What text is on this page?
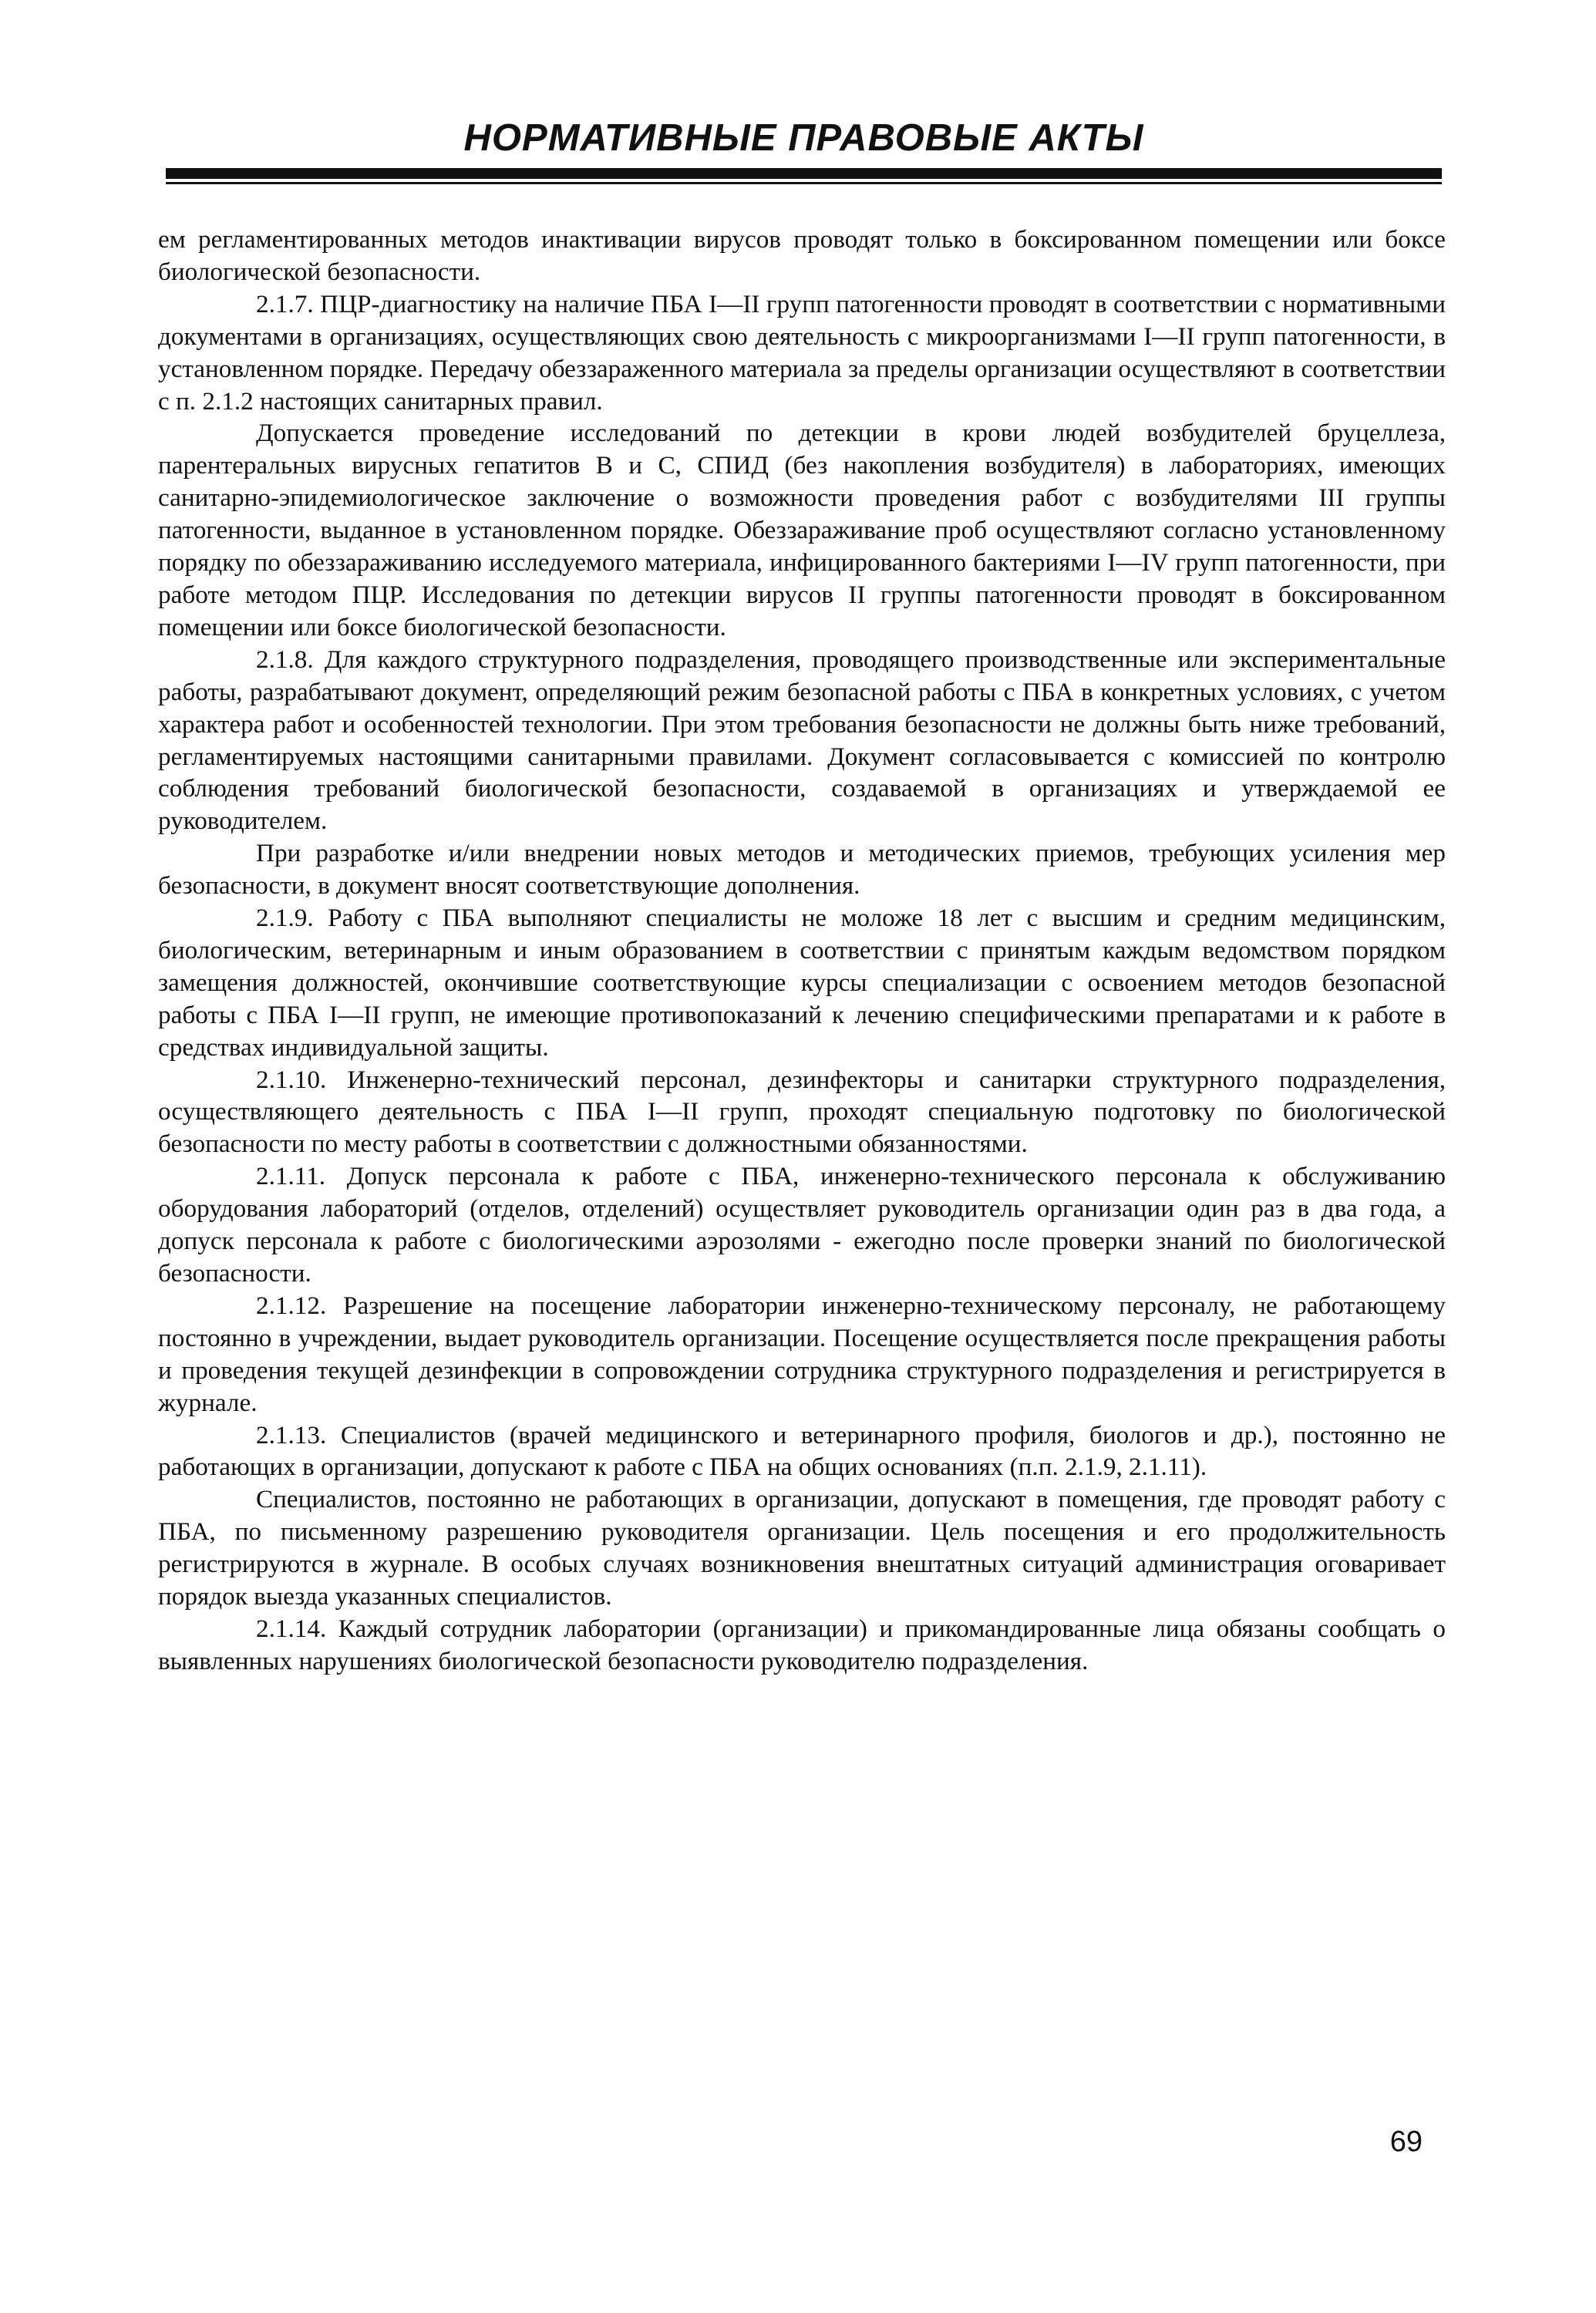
НОРМАТИВНЫЕ ПРАВОВЫЕ АКТЫ

ем регламентированных методов инактивации вирусов проводят только в боксированном помещении или боксе биологической безопасности.

2.1.7. ПЦР-диагностику на наличие ПБА I—II групп патогенности проводят в соответствии с нормативными документами в организациях, осуществляющих свою деятельность с микроорганизмами I—II групп патогенности, в установленном порядке. Передачу обеззараженного материала за пределы организации осуществляют в соответствии с п. 2.1.2 настоящих санитарных правил.

Допускается проведение исследований по детекции в крови людей возбудителей бруцеллеза, парентеральных вирусных гепатитов В и С, СПИД (без накопления возбудителя) в лабораториях, имеющих санитарно-эпидемиологическое заключение о возможности проведения работ с возбудителями III группы патогенности, выданное в установленном порядке. Обеззараживание проб осуществляют согласно установленному порядку по обеззараживанию исследуемого материала, инфицированного бактериями I—IV групп патогенности, при работе методом ПЦР. Исследования по детекции вирусов II группы патогенности проводят в боксированном помещении или боксе биологической безопасности.

2.1.8. Для каждого структурного подразделения, проводящего производственные или экспериментальные работы, разрабатывают документ, определяющий режим безопасной работы с ПБА в конкретных условиях, с учетом характера работ и особенностей технологии. При этом требования безопасности не должны быть ниже требований, регламентируемых настоящими санитарными правилами. Документ согласовывается с комиссией по контролю соблюдения требований биологической безопасности, создаваемой в организациях и утверждаемой ее руководителем.

При разработке и/или внедрении новых методов и методических приемов, требующих усиления мер безопасности, в документ вносят соответствующие дополнения.

2.1.9. Работу с ПБА выполняют специалисты не моложе 18 лет с высшим и средним медицинским, биологическим, ветеринарным и иным образованием в соответствии с принятым каждым ведомством порядком замещения должностей, окончившие соответствующие курсы специализации с освоением методов безопасной работы с ПБА I—II групп, не имеющие противопоказаний к лечению специфическими препаратами и к работе в средствах индивидуальной защиты.

2.1.10. Инженерно-технический персонал, дезинфекторы и санитарки структурного подразделения, осуществляющего деятельность с ПБА I—II групп, проходят специальную подготовку по биологической безопасности по месту работы в соответствии с должностными обязанностями.

2.1.11. Допуск персонала к работе с ПБА, инженерно-технического персонала к обслуживанию оборудования лабораторий (отделов, отделений) осуществляет руководитель организации один раз в два года, а допуск персонала к работе с биологическими аэрозолями - ежегодно после проверки знаний по биологической безопасности.

2.1.12. Разрешение на посещение лаборатории инженерно-техническому персоналу, не работающему постоянно в учреждении, выдает руководитель организации. Посещение осуществляется после прекращения работы и проведения текущей дезинфекции в сопровождении сотрудника структурного подразделения и регистрируется в журнале.

2.1.13. Специалистов (врачей медицинского и ветеринарного профиля, биологов и др.), постоянно не работающих в организации, допускают к работе с ПБА на общих основаниях (п.п. 2.1.9, 2.1.11).

Специалистов, постоянно не работающих в организации, допускают в помещения, где проводят работу с ПБА, по письменному разрешению руководителя организации. Цель посещения и его продолжительность регистрируются в журнале. В особых случаях возникновения внештатных ситуаций администрация оговаривает порядок выезда указанных специалистов.

2.1.14. Каждый сотрудник лаборатории (организации) и прикомандированные лица обязаны сообщать о выявленных нарушениях биологической безопасности руководителю подразделения.

69
